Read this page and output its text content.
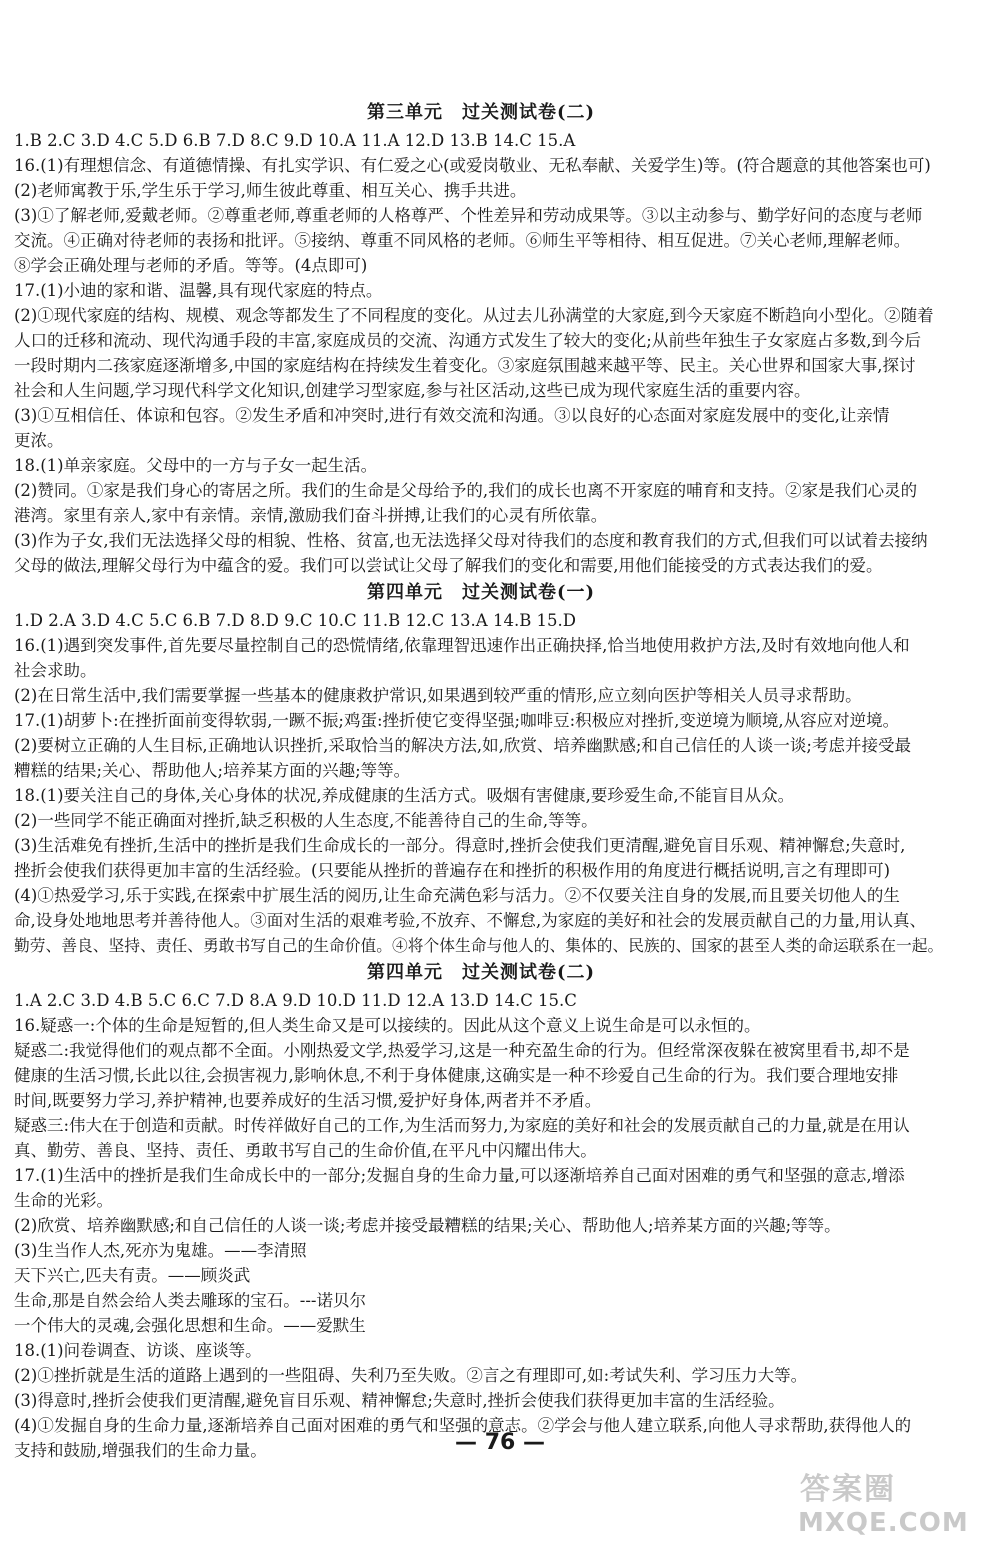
第三单元　过关测试卷(二)
1.B 2.C 3.D 4.C 5.D 6.B 7.D 8.C 9.D 10.A 11.A 12.D 13.B 14.C 15.A
16.(1)有理想信念、有道德情操、有扎实学识、有仁爱之心(或爱岗敬业、无私奉献、关爱学生)等。(符合题意的其他答案也可)
(2)老师寓教于乐,学生乐于学习,师生彼此尊重、相互关心、携手共进。
(3)①了解老师,爱戴老师。②尊重老师,尊重老师的人格尊严、个性差异和劳动成果等。③以主动参与、勤学好问的态度与老师
交流。④正确对待老师的表扬和批评。⑤接纳、尊重不同风格的老师。⑥师生平等相待、相互促进。⑦关心老师,理解老师。
⑧学会正确处理与老师的矛盾。等等。(4点即可)
17.(1)小迪的家和谐、温馨,具有现代家庭的特点。
(2)①现代家庭的结构、规模、观念等都发生了不同程度的变化。从过去儿孙满堂的大家庭,到今天家庭不断趋向小型化。②随着
人口的迁移和流动、现代沟通手段的丰富,家庭成员的交流、沟通方式发生了较大的变化;从前些年独生子女家庭占多数,到今后
一段时期内二孩家庭逐渐增多,中国的家庭结构在持续发生着变化。③家庭氛围越来越平等、民主。关心世界和国家大事,探讨
社会和人生问题,学习现代科学文化知识,创建学习型家庭,参与社区活动,这些已成为现代家庭生活的重要内容。
(3)①互相信任、体谅和包容。②发生矛盾和冲突时,进行有效交流和沟通。③以良好的心态面对家庭发展中的变化,让亲情
更浓。
18.(1)单亲家庭。父母中的一方与子女一起生活。
(2)赞同。①家是我们身心的寄居之所。我们的生命是父母给予的,我们的成长也离不开家庭的哺育和支持。②家是我们心灵的
港湾。家里有亲人,家中有亲情。亲情,激励我们奋斗拼搏,让我们的心灵有所依靠。
(3)作为子女,我们无法选择父母的相貌、性格、贫富,也无法选择父母对待我们的态度和教育我们的方式,但我们可以试着去接纳
父母的做法,理解父母行为中蕴含的爱。我们可以尝试让父母了解我们的变化和需要,用他们能接受的方式表达我们的爱。
第四单元　过关测试卷(一)
1.D 2.A 3.D 4.C 5.C 6.B 7.D 8.D 9.C 10.C 11.B 12.C 13.A 14.B 15.D
16.(1)遇到突发事件,首先要尽量控制自己的恐慌情绪,依靠理智迅速作出正确抉择,恰当地使用救护方法,及时有效地向他人和
社会求助。
(2)在日常生活中,我们需要掌握一些基本的健康救护常识,如果遇到较严重的情形,应立刻向医护等相关人员寻求帮助。
17.(1)胡萝卜:在挫折面前变得软弱,一蹶不振;鸡蛋:挫折使它变得坚强;咖啡豆:积极应对挫折,变逆境为顺境,从容应对逆境。
(2)要树立正确的人生目标,正确地认识挫折,采取恰当的解决方法,如,欣赏、培养幽默感;和自己信任的人谈一谈;考虑并接受最
糟糕的结果;关心、帮助他人;培养某方面的兴趣;等等。
18.(1)要关注自己的身体,关心身体的状况,养成健康的生活方式。吸烟有害健康,要珍爱生命,不能盲目从众。
(2)一些同学不能正确面对挫折,缺乏积极的人生态度,不能善待自己的生命,等等。
(3)生活难免有挫折,生活中的挫折是我们生命成长的一部分。得意时,挫折会使我们更清醒,避免盲目乐观、精神懈怠;失意时,
挫折会使我们获得更加丰富的生活经验。(只要能从挫折的普遍存在和挫折的积极作用的角度进行概括说明,言之有理即可)
(4)①热爱学习,乐于实践,在探索中扩展生活的阅历,让生命充满色彩与活力。②不仅要关注自身的发展,而且要关切他人的生
命,设身处地地思考并善待他人。③面对生活的艰难考验,不放弃、不懈怠,为家庭的美好和社会的发展贡献自己的力量,用认真、
勤劳、善良、坚持、责任、勇敢书写自己的生命价值。④将个体生命与他人的、集体的、民族的、国家的甚至人类的命运联系在一起。
第四单元　过关测试卷(二)
1.A 2.C 3.D 4.B 5.C 6.C 7.D 8.A 9.D 10.D 11.D 12.A 13.D 14.C 15.C
16.疑惑一:个体的生命是短暂的,但人类生命又是可以接续的。因此从这个意义上说生命是可以永恒的。
疑惑二:我觉得他们的观点都不全面。小刚热爱文学,热爱学习,这是一种充盈生命的行为。但经常深夜躲在被窝里看书,却不是
健康的生活习惯,长此以往,会损害视力,影响休息,不利于身体健康,这确实是一种不珍爱自己生命的行为。我们要合理地安排
时间,既要努力学习,养护精神,也要养成好的生活习惯,爱护好身体,两者并不矛盾。
疑惑三:伟大在于创造和贡献。时传祥做好自己的工作,为生活而努力,为家庭的美好和社会的发展贡献自己的力量,就是在用认
真、勤劳、善良、坚持、责任、勇敢书写自己的生命价值,在平凡中闪耀出伟大。
17.(1)生活中的挫折是我们生命成长中的一部分;发掘自身的生命力量,可以逐渐培养自己面对困难的勇气和坚强的意志,增添
生命的光彩。
(2)欣赏、培养幽默感;和自己信任的人谈一谈;考虑并接受最糟糕的结果;关心、帮助他人;培养某方面的兴趣;等等。
(3)生当作人杰,死亦为鬼雄。——李清照
天下兴亡,匹夫有责。——顾炎武
生命,那是自然会给人类去雕琢的宝石。---诺贝尔
一个伟大的灵魂,会强化思想和生命。——爱默生
18.(1)问卷调查、访谈、座谈等。
(2)①挫折就是生活的道路上遇到的一些阻碍、失利乃至失败。②言之有理即可,如:考试失利、学习压力大等。
(3)得意时,挫折会使我们更清醒,避免盲目乐观、精神懈怠;失意时,挫折会使我们获得更加丰富的生活经验。
(4)①发掘自身的生命力量,逐渐培养自己面对困难的勇气和坚强的意志。②学会与他人建立联系,向他人寻求帮助,获得他人的
支持和鼓励,增强我们的生命力量。	— 76 —
答案圈
MXQE.COM
